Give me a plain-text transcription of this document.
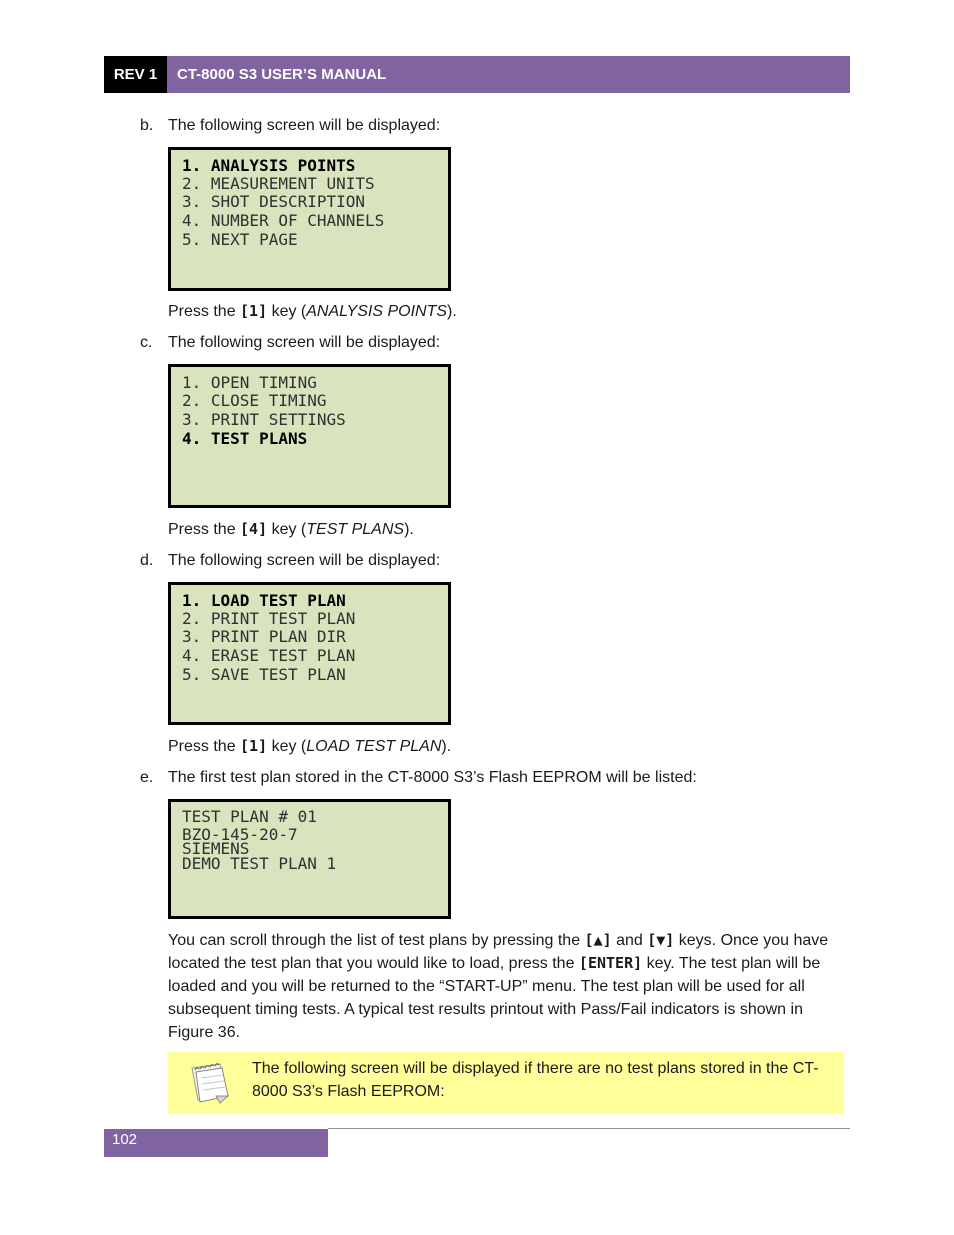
REV 1	CT-8000 S3 USER’S MANUAL
b. The following screen will be displayed:
1. ANALYSIS POINTS
2. MEASUREMENT UNITS
3. SHOT DESCRIPTION
4. NUMBER OF CHANNELS
5. NEXT PAGE
Press the [1] key (ANALYSIS POINTS).
c. The following screen will be displayed:
1. OPEN TIMING
2. CLOSE TIMING
3. PRINT SETTINGS
4. TEST PLANS
Press the [4] key (TEST PLANS).
d. The following screen will be displayed:
1. LOAD TEST PLAN
2. PRINT TEST PLAN
3. PRINT PLAN DIR
4. ERASE TEST PLAN
5. SAVE TEST PLAN
Press the [1] key (LOAD TEST PLAN).
e. The first test plan stored in the CT-8000 S3’s Flash EEPROM will be listed:
TEST PLAN # 01
BZO-145-20-7
SIEMENS
DEMO TEST PLAN 1
You can scroll through the list of test plans by pressing the [▲] and [▼] keys. Once you have located the test plan that you would like to load, press the [ENTER] key. The test plan will be loaded and you will be returned to the “START-UP” menu. The test plan will be used for all subsequent timing tests. A typical test results printout with Pass/Fail indicators is shown in Figure 36.
The following screen will be displayed if there are no test plans stored in the CT-8000 S3’s Flash EEPROM:
102
